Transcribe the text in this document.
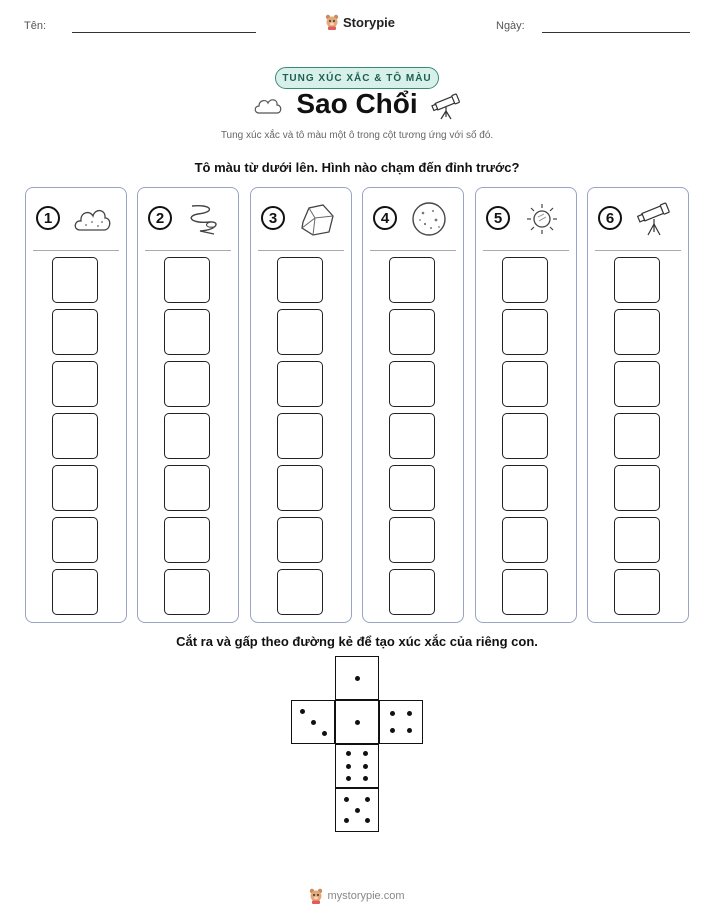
Tên:	Storypie	Ngày:
TUNG XÚC XẮC & TÔ MÀU
Sao Chổi
Tung xúc xắc và tô màu một ô trong cột tương ứng với số đó.
Tô màu từ dưới lên. Hình nào chạm đến đỉnh trước?
1	2	3	4	5	6
Cắt ra và gấp theo đường kẻ để tạo xúc xắc của riêng con.
mystorypie.com
